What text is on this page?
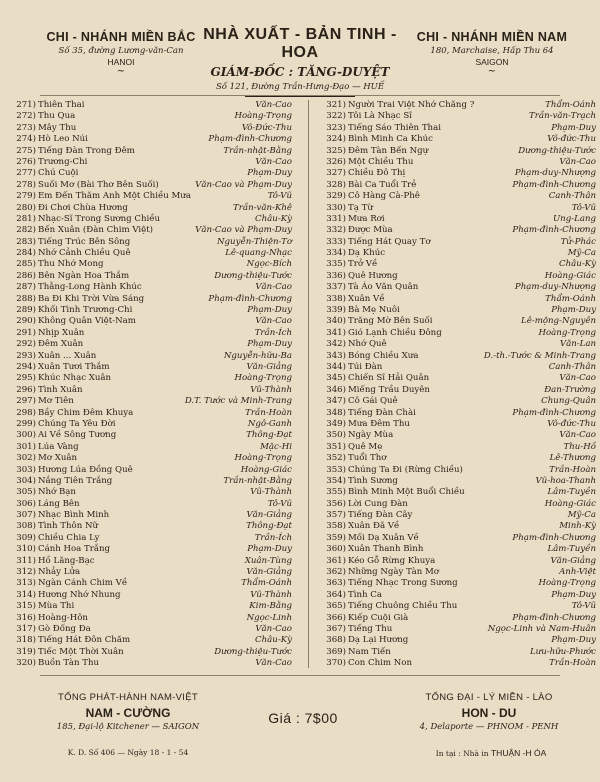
CHI - NHÁNH MIỀN BẮC
Số 35, đường Lương-văn-Can
HANOI
~
NHÀ XUẤT - BẢN TINH - HOA
GIÁM-ĐỐC : TĂNG-DUYỆT
Số 121, Đường Trần-Hưng-Đạo — HUẾ
CHI - NHÁNH MIỀN NAM
180, Marchaise, Hấp Thu 64
SAIGON
~
271) Thiên Thai	Văn-Cao
272) Thu Qua	Hoàng-Trọng
273) Mây Thu	Võ-Đức-Thu
274) Hò Leo Núi	Phạm-đình-Chương
275) Tiếng Đàn Trong Đêm	Trần-nhật-Bằng
276) Trương-Chi	Văn-Cao
277) Chú Cuội	Phạm-Duy
278) Suối Mơ (Bài Thơ Bên Suối)	Văn-Cao và Phạm-Duy
279) Em Đến Thăm Anh Một Chiều Mưa	Tô-Vũ
280) Đi Chơi Chùa Hương	Trần-văn-Khê
281) Nhạc-Sĩ Trong Sương Chiều	Châu-Kỳ
282) Bến Xuân (Đàn Chim Việt)	Văn-Cao và Phạm-Duy
283) Tiếng Trúc Bên Sông	Nguyễn-Thiện-Tơ
284) Nhớ Cảnh Chiều Quê	Lê-quang-Nhạc
285) Thu Nhớ Mong	Ngọc-Bích
286) Bên Ngàn Hoa Thắm	Dương-thiệu-Tước
287) Thằng-Long Hành Khúc	Văn-Cao
288) Ba Đi Khi Trời Vừa Sáng	Phạm-đình-Chương
289) Khối Tình Trương-Chi	Phạm-Duy
290) Không Quân Việt-Nam	Văn-Cao
291) Nhịp Xuân	Trần-Ích
292) Đêm Xuân	Phạm-Duy
293) Xuân ... Xuân	Nguyễn-hữu-Ba
294) Xuân Tươi Thắm	Văn-Giảng
295) Khúc Nhạc Xuân	Hoàng-Trọng
296) Tình Xuân	Vũ-Thành
297) Mơ Tiên	D.T. Tước và Minh-Trang
298) Bầy Chim Đêm Khuya	Trần-Hoàn
299) Chúng Ta Yêu Đời	Ngô-Ganh
300) Ai Về Sông Tương	Thông-Đạt
301) Lúa Vàng	Mặc-Hi
302) Mơ Xuân	Hoàng-Trọng
303) Hương Lúa Đồng Quê	Hoàng-Giác
304) Nắng Tiên Trắng	Trần-nhật-Bằng
305) Nhớ Bạn	Vũ-Thành
306) Láng Bên	Tô-Vũ
307) Nhạc Bình Minh	Văn-Giảng
308) Tình Thôn Nữ	Thông-Đạt
309) Chiều Chia Ly	Trần-Ích
310) Cánh Hoa Trắng	Phạm-Duy
311) Hồ Lăng-Bạc	Xuân-Tùng
312) Nhảy Lửa	Văn-Giảng
313) Ngàn Cánh Chim Về	Thẩm-Oánh
314) Hương Nhớ Nhung	Vũ-Thành
315) Mùa Thi	Kim-Bằng
316) Hoàng-Hôn	Ngọc-Linh
317) Gò Đống Đa	Văn-Cao
318) Tiếng Hát Đôn Chăm	Châu-Kỳ
319) Tiếc Một Thời Xuân	Dương-thiệu-Tước
320) Buồn Tàn Thu	Văn-Cao
321) Người Trai Việt Nhớ Chăng ?	Thẩm-Oánh
322) Tôi Là Nhạc Sĩ	Trần-văn-Trạch
323) Tiếng Sáo Thiên Thai	Phạm-Duy
324) Bình Minh Ca Khúc	Võ-đức-Thu
325) Đêm Tàn Bến Ngự	Dương-thiệu-Tước
326) Một Chiều Thu	Văn-Cao
327) Chiều Đô Thị	Phạm-duy-Nhượng
328) Bài Ca Tuổi Trẻ	Phạm-đình-Chương
329) Cô Hàng Cà-Phê	Canh-Thân
330) Tạ Từ	Tô-Vũ
331) Mưa Rơi	Ung-Lang
332) Được Mùa	Phạm-đình-Chương
333) Tiếng Hát Quay Tơ	Tử-Phác
334) Dạ Khúc	Mỹ-Ca
335) Trở Về	Châu-Kỳ
336) Quê Hương	Hoàng-Giác
337) Tà Áo Văn Quân	Phạm-duy-Nhượng
338) Xuân Về	Thẩm-Oánh
339) Bà Mẹ Nuôi	Phạm-Duy
340) Trăng Mờ Bên Suối	Lê-mộng-Nguyên
341) Gió Lạnh Chiều Đông	Hoàng-Trọng
342) Nhớ Quê	Văn-Lan
343) Bóng Chiều Xưa	D.-th.-Tước & Minh-Trang
344) Túi Đàn	Canh-Thân
345) Chiến Sĩ Hải Quân	Văn-Cao
346) Miếng Trầu Duyên	Đan-Trường
347) Cô Gái Quê	Chung-Quân
348) Tiếng Đàn Chài	Phạm-đình-Chương
349) Mưa Đêm Thu	Võ-đức-Thu
350) Ngày Mùa	Văn-Cao
351) Quê Mẹ	Thu-Hồ
352) Tuổi Thơ	Lê-Thương
353) Chúng Ta Đi (Rừng Chiều)	Trần-Hoàn
354) Tình Sương	Vũ-hoa-Thanh
355) Bình Minh Một Buổi Chiều	Lâm-Tuyền
356) Lời Cung Đàn	Hoàng-Giác
357) Tiếng Đàn Cây	Mỹ-Ca
358) Xuân Đã Về	Minh-Kỳ
359) Mối Dạ Xuân Về	Phạm-đình-Chương
360) Xuân Thanh Bình	Lâm-Tuyền
361) Kéo Gỗ Rừng Khuya	Văn-Giảng
362) Những Ngày Tàn Mơ	Anh-Việt
363) Tiếng Nhạc Trong Sương	Hoàng-Trọng
364) Tình Ca	Phạm-Duy
365) Tiếng Chuông Chiều Thu	Tô-Vũ
366) Kiếp Cuội Già	Phạm-đình-Chương
367) Tiếng Thu	Ngọc-Linh và Nam-Huân
368) Dạ Lại Hương	Phạm-Duy
369) Nam Tiến	Lưu-hữu-Phước
370) Con Chim Non	Trần-Hoàn
TỔNG PHÁT-HÀNH NAM-VIỆT
NAM - CƯỜNG
185, Đại-lộ Kitchener — SAIGON
Giá : 7$00
TỔNG ĐẠI - LÝ MIỀN - LÀO
HON - DU
4, Delaporte — PHNOM - PENH
K. D. Số 406 — Ngày 18 - 1 - 54	In tại : Nhà in THUẬN -H ÓA
